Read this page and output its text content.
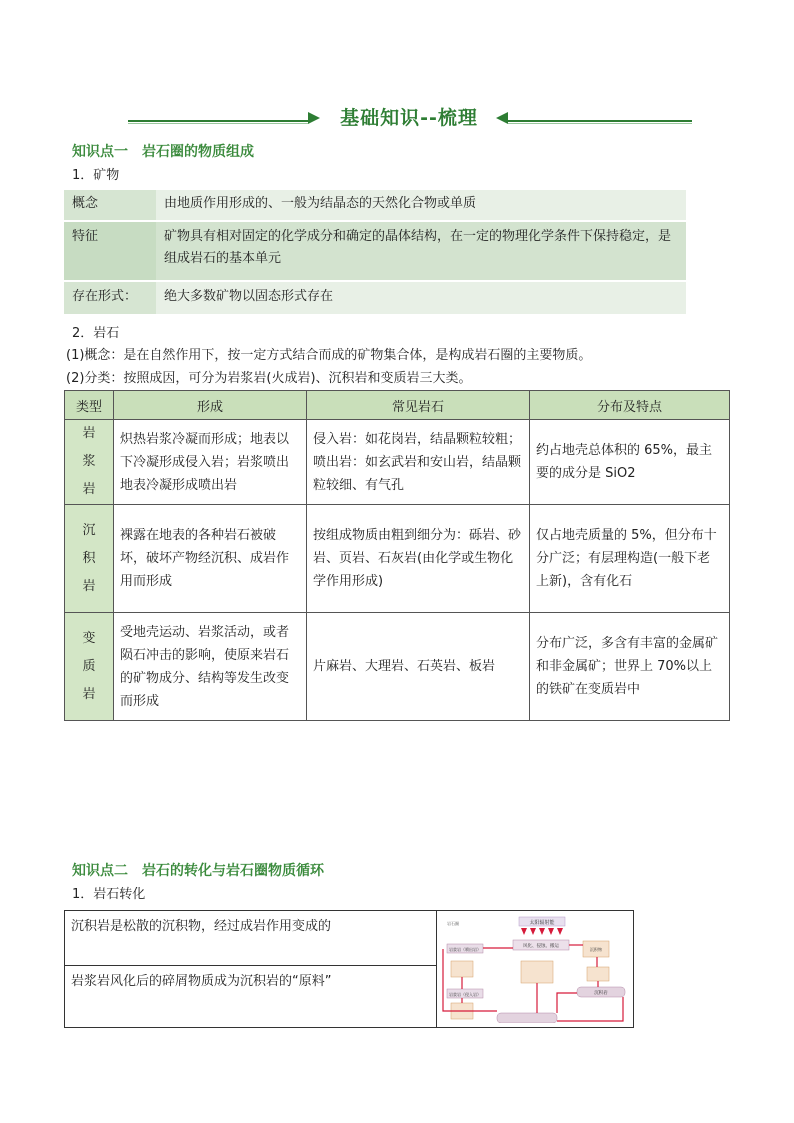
基础知识--梳理
知识点一　岩石圈的物质组成
1．矿物
概念	由地质作用形成的、一般为结晶态的天然化合物或单质
特征	矿物具有相对固定的化学成分和确定的晶体结构，在一定的物理化学条件下保持稳定，是组成岩石的基本单元
存在形式：	绝大多数矿物以固态形式存在
2．岩石
(1)概念：是在自然作用下，按一定方式结合而成的矿物集合体，是构成岩石圈的主要物质。
(2)分类：按照成因，可分为岩浆岩(火成岩)、沉积岩和变质岩三大类。
类型	形成	常见岩石	分布及特点

岩
浆
岩	炽热岩浆冷凝而形成；地表以下冷凝形成侵入岩；岩浆喷出地表冷凝形成喷出岩	侵入岩：如花岗岩，结晶颗粒较粗；喷出岩：如玄武岩和安山岩，结晶颗粒较细、有气孔	约占地壳总体积的 65%，最主要的成分是 SiO2

沉
积
岩	裸露在地表的各种岩石被破坏，破坏产物经沉积、成岩作用而形成	按组成物质由粗到细分为：砾岩、砂岩、页岩、石灰岩(由化学或生物化学作用形成)	仅占地壳质量的 5%，但分布十分广泛；有层理构造(一般下老上新)，含有化石

变
质
岩	受地壳运动、岩浆活动，或者陨石冲击的影响，使原来岩石的矿物成分、结构等发生改变而形成	片麻岩、大理岩、石英岩、板岩	分布广泛，多含有丰富的金属矿和非金属矿；世界上 70%以上的铁矿在变质岩中
知识点二　岩石的转化与岩石圈物质循环
1．岩石转化
沉积岩是松散的沉积物，经过成岩作用变成的	太阳辐射能
岩石圈
岩浆岩（喷出岩）
风化、侵蚀、搬运
沉积物
沉积岩
岩浆岩（侵入岩）

岩浆岩风化后的碎屑物质成为沉积岩的“原料”
